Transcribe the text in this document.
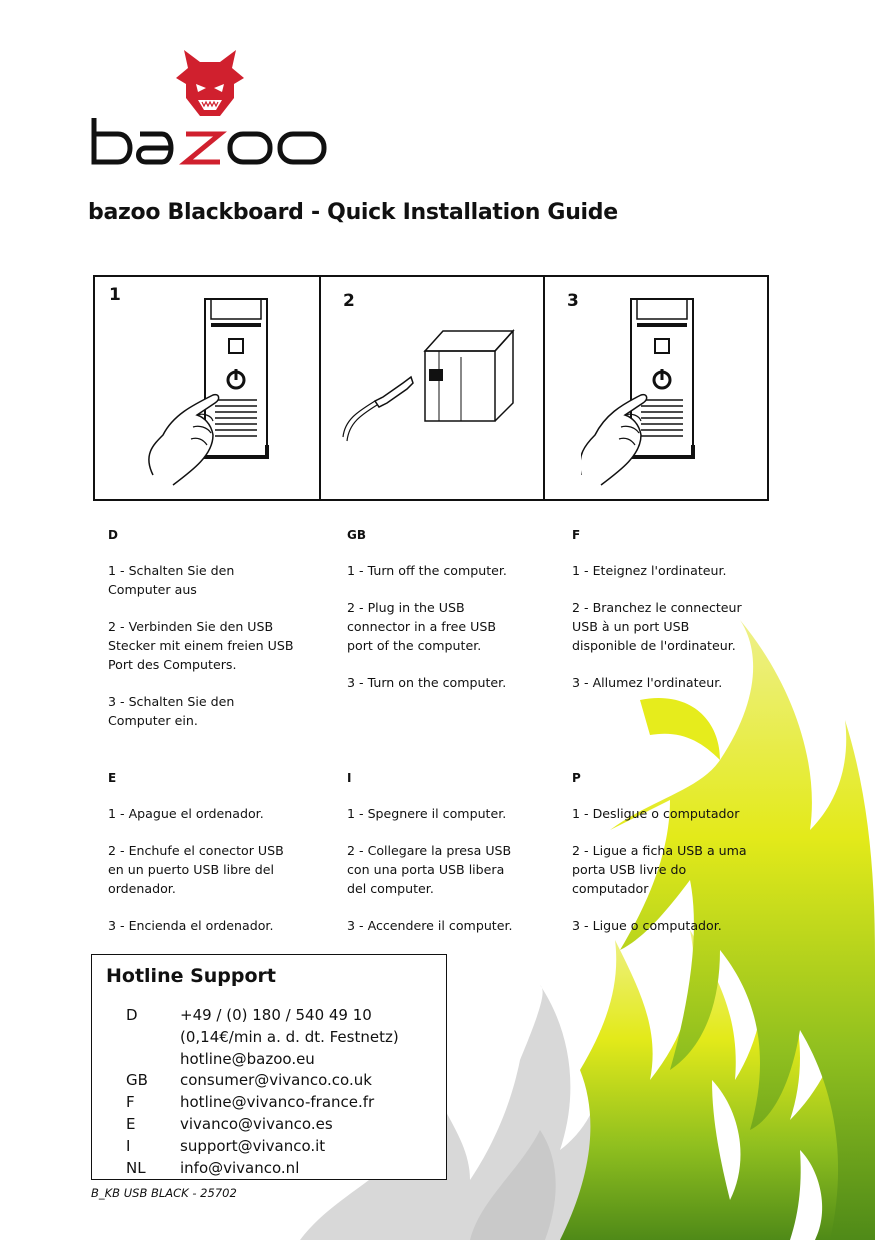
bazoo Blackboard - Quick Installation Guide
1	2	3
D

1 - Schalten Sie den
Computer aus

2 - Verbinden Sie den USB
Stecker mit einem freien USB
Port des Computers.

3 - Schalten Sie den
Computer ein.

GB

1 - Turn off the computer.

2 - Plug in the USB
connector in a free USB
port of the computer.

3 - Turn on the computer.

F

1 - Eteignez l'ordinateur.

2 - Branchez le connecteur
USB à un port USB
disponible de l'ordinateur.

3 - Allumez l'ordinateur.

E

1 - Apague el ordenador.

2 - Enchufe el conector USB
en un puerto USB libre del
ordenador.

3 - Encienda el ordenador.

I

1 - Spegnere il computer.

2 - Collegare la presa USB
con una porta USB libera
del computer.

3 - Accendere il computer.

P

1 - Desligue o computador

2 - Ligue a ficha USB a uma
porta USB livre do
computador

3 - Ligue o computador.

Hotline Support
D	+49 / (0) 180 / 540 49 10
(0,14€/min a. d. dt. Festnetz)
hotline@bazoo.eu
GB consumer@vivanco.co.uk
F	hotline@vivanco-france.fr
E	vivanco@vivanco.es
I	support@vivanco.it
NL info@vivanco.nl
B_KB USB BLACK - 25702
